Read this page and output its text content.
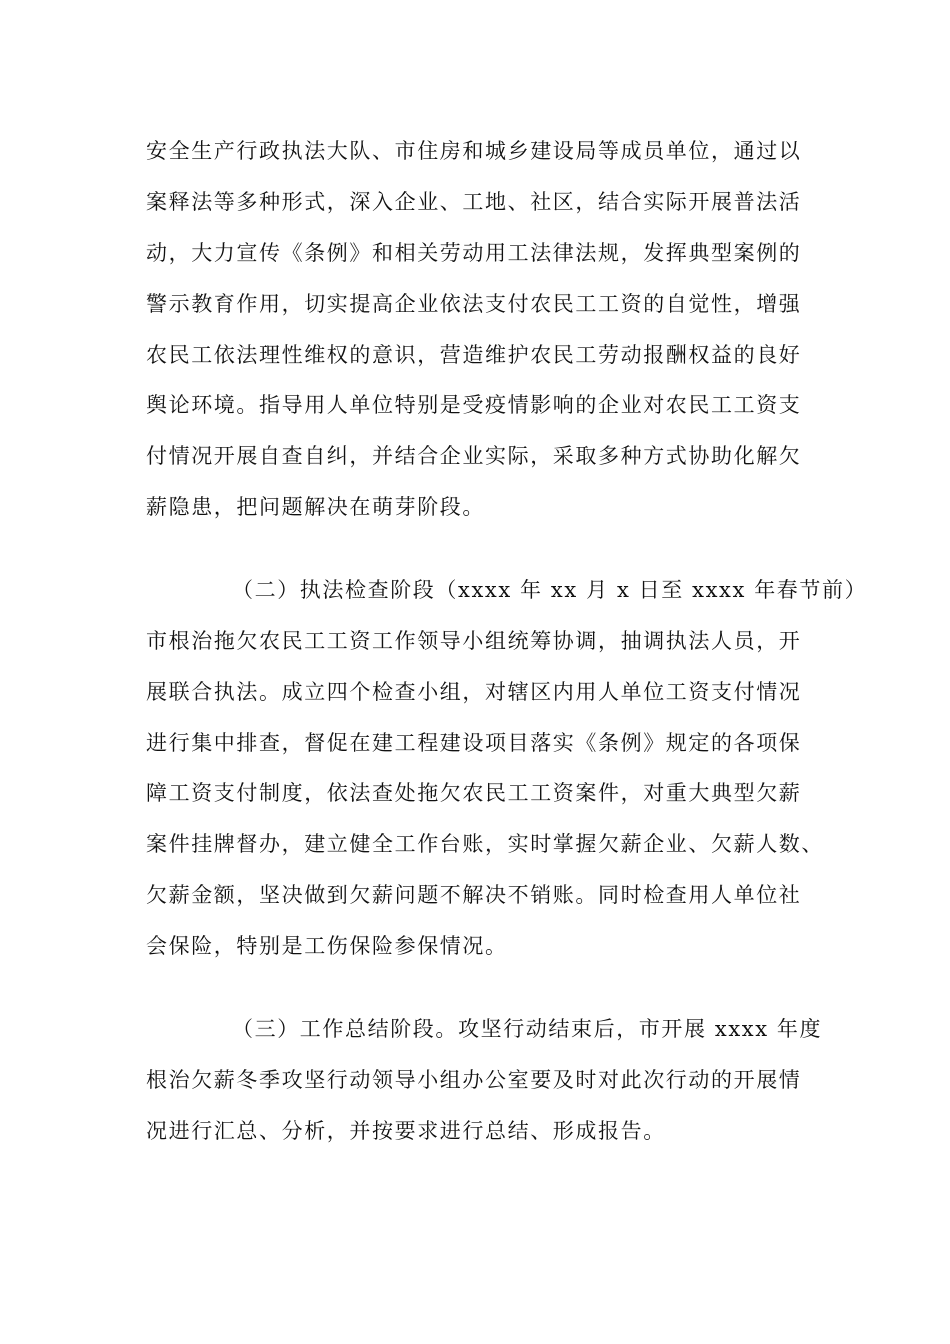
安全生产行政执法大队、市住房和城乡建设局等成员单位，通过以
案释法等多种形式，深入企业、工地、社区，结合实际开展普法活
动，大力宣传《条例》和相关劳动用工法律法规，发挥典型案例的
警示教育作用，切实提高企业依法支付农民工工资的自觉性，增强
农民工依法理性维权的意识，营造维护农民工劳动报酬权益的良好
舆论环境。指导用人单位特别是受疫情影响的企业对农民工工资支
付情况开展自查自纠，并结合企业实际，采取多种方式协助化解欠
薪隐患，把问题解决在萌芽阶段。
（二）执法检查阶段（xxxx 年 xx 月 x 日至 xxxx 年春节前）
市根治拖欠农民工工资工作领导小组统筹协调，抽调执法人员，开
展联合执法。成立四个检查小组，对辖区内用人单位工资支付情况
进行集中排查，督促在建工程建设项目落实《条例》规定的各项保
障工资支付制度，依法查处拖欠农民工工资案件，对重大典型欠薪
案件挂牌督办，建立健全工作台账，实时掌握欠薪企业、欠薪人数、
欠薪金额，坚决做到欠薪问题不解决不销账。同时检查用人单位社
会保险，特别是工伤保险参保情况。
（三）工作总结阶段。攻坚行动结束后，市开展 xxxx 年度
根治欠薪冬季攻坚行动领导小组办公室要及时对此次行动的开展情
况进行汇总、分析，并按要求进行总结、形成报告。
